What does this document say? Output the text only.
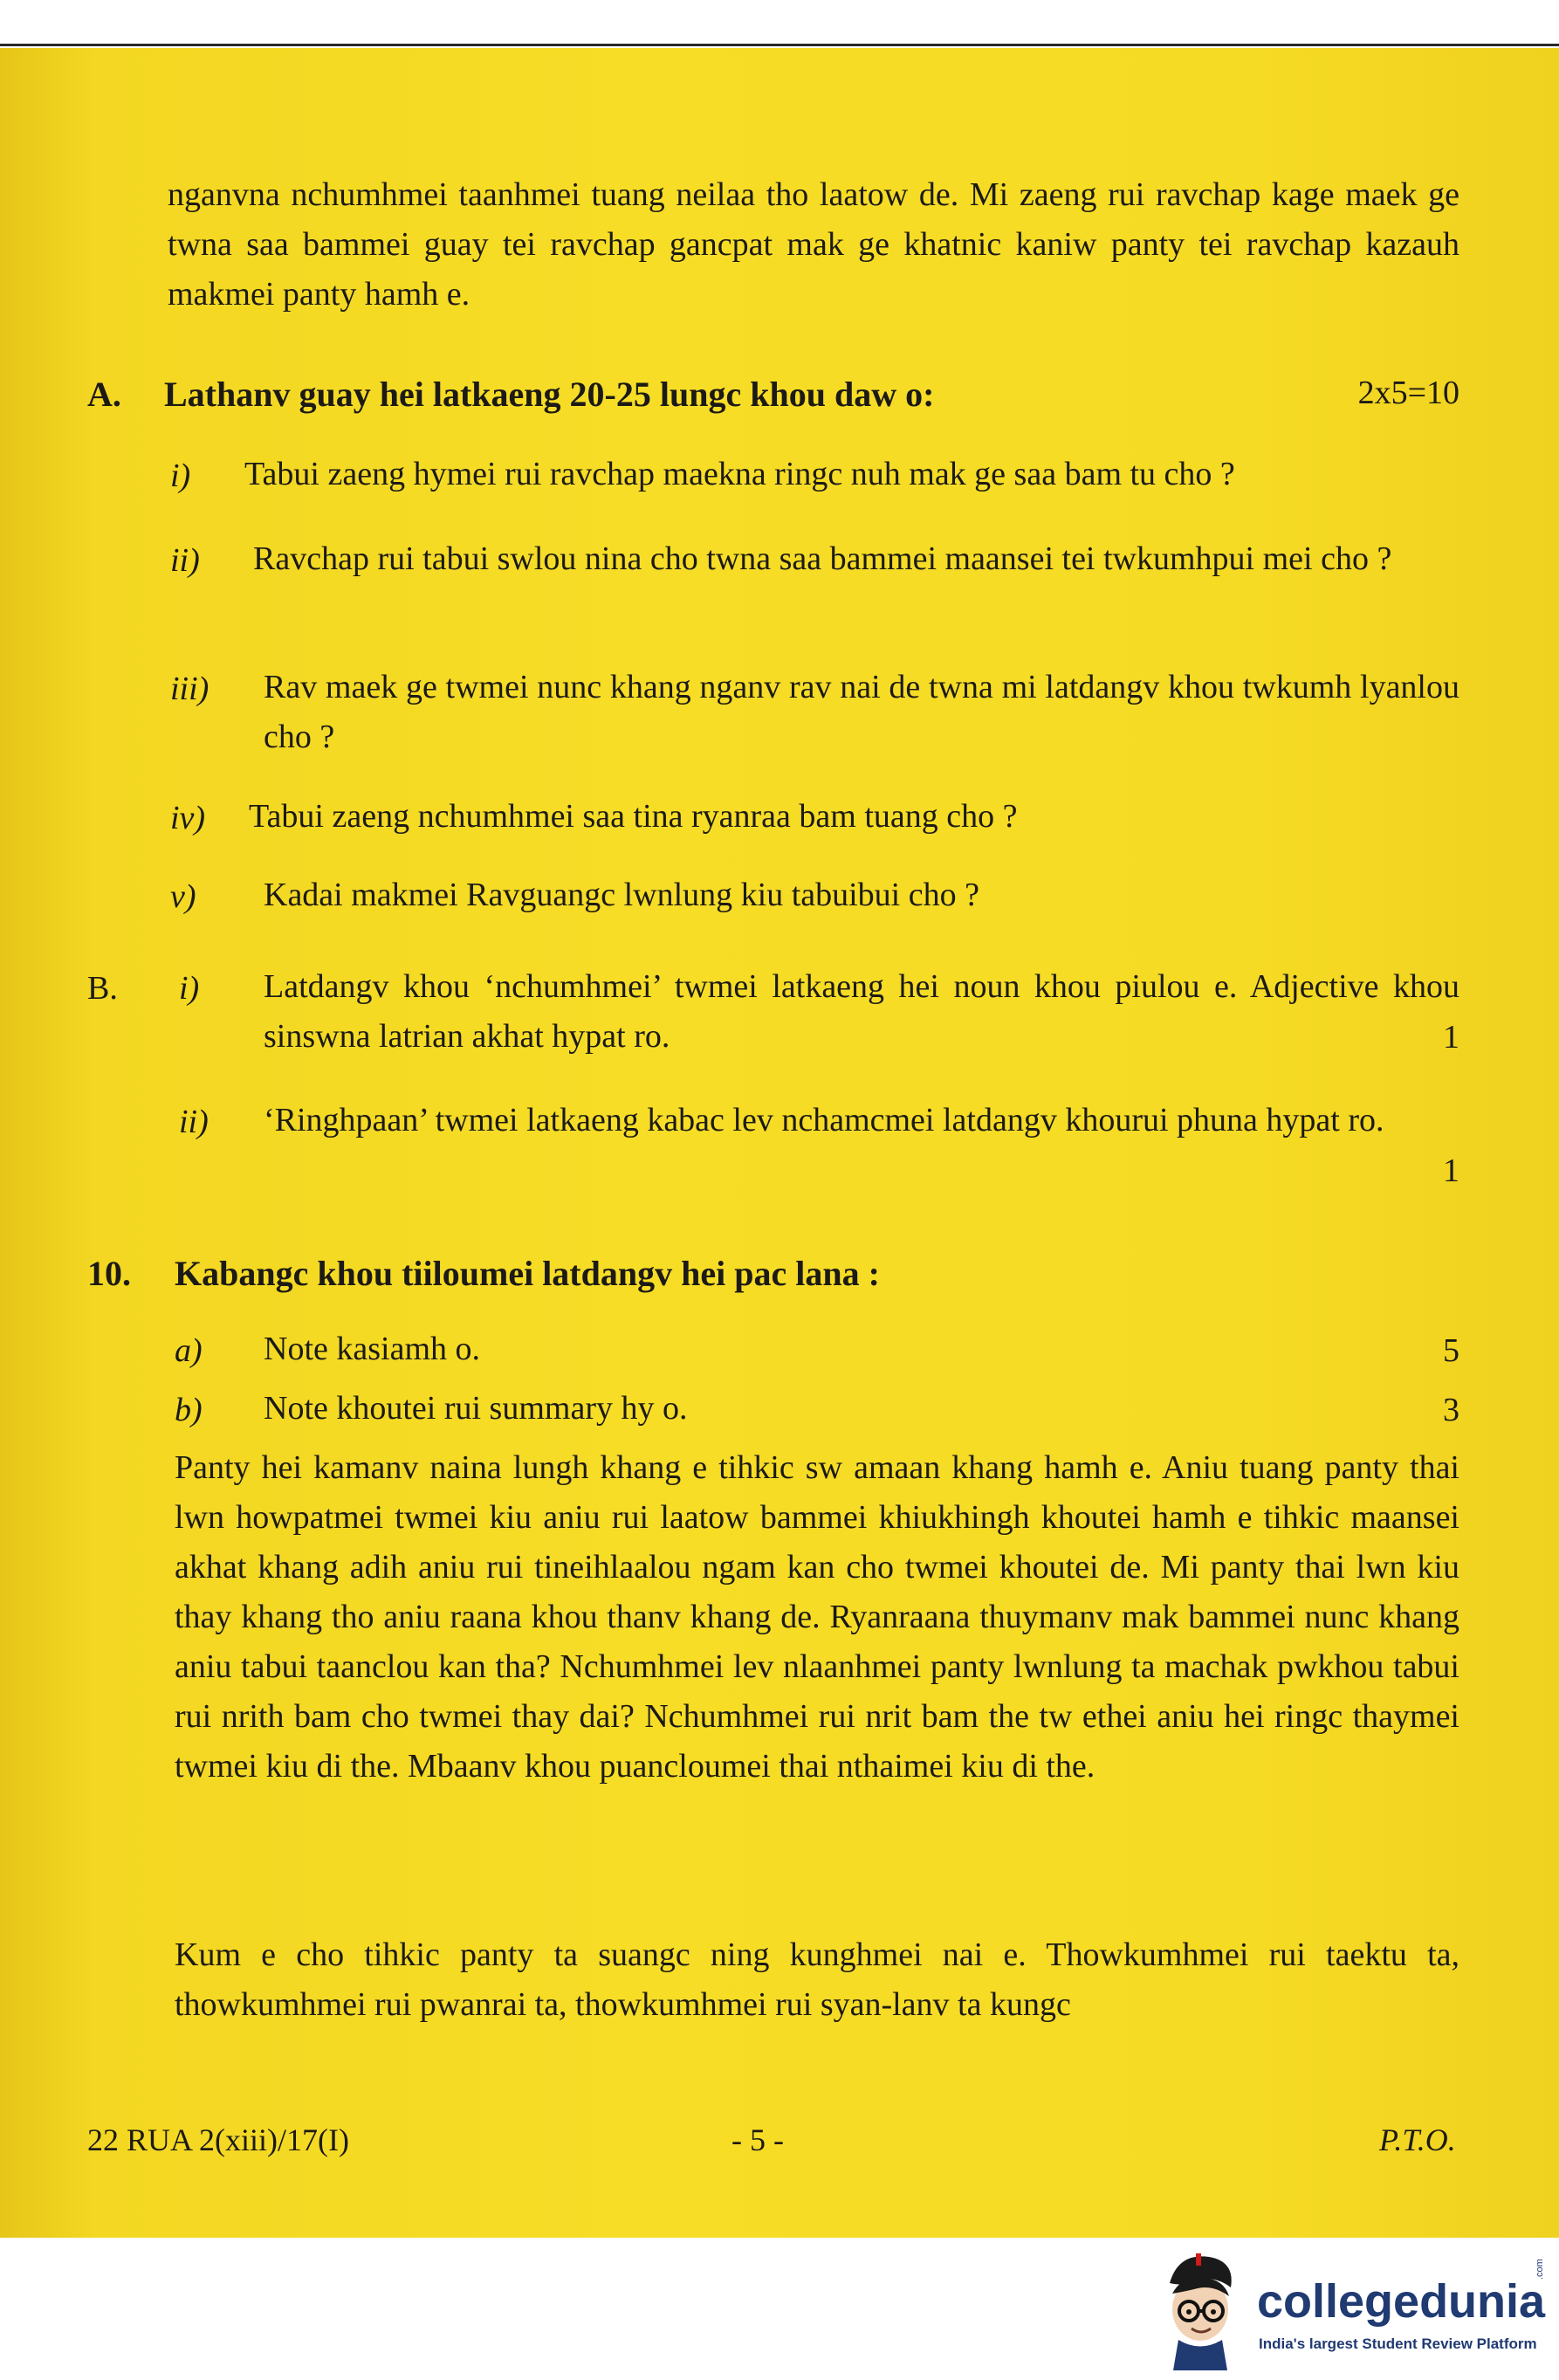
nganvna nchumhmei taanhmei tuang neilaa tho laatow de. Mi zaeng rui ravchap kage maek ge twna saa bammei guay tei ravchap gancpat mak ge khatnic kaniw panty tei ravchap kazauh makmei panty hamh e.
A. Lathanv guay hei latkaeng 20-25 lungc khou daw o:	2x5=10
i) Tabui zaeng hymei rui ravchap maekna ringc nuh mak ge saa bam tu cho ?
ii) Ravchap rui tabui swlou nina cho twna saa bammei maansei tei twkumhpui mei cho ?
iii) Rav maek ge twmei nunc khang nganv rav nai de twna mi latdangv khou twkumh lyanlou cho ?
iv) Tabui zaeng nchumhmei saa tina ryanraa bam tuang cho ?
v) Kadai makmei Ravguangc lwnlung kiu tabuibui cho ?
B. i) Latdangv khou ‘nchumhmei’ twmei latkaeng hei noun khou piulou e. Adjective khou sinswna latrian akhat hypat ro.	1
ii) ‘Ringhpaan’ twmei latkaeng kabac lev nchamcmei latdangv khourui phuna hypat ro.
1
10. Kabangc khou tiiloumei latdangv hei pac lana :
a) Note kasiamh o.	5
b) Note khoutei rui summary hy o.	3
Panty hei kamanv naina lungh khang e tihkic sw amaan khang hamh e. Aniu tuang panty thai lwn howpatmei twmei kiu aniu rui laatow bammei khiukhingh khoutei hamh e tihkic maansei akhat khang adih aniu rui tineihlaalou ngam kan cho twmei khoutei de. Mi panty thai lwn kiu thay khang tho aniu raana khou thanv khang de. Ryanraana thuymanv mak bammei nunc khang aniu tabui taanclou kan tha? Nchumhmei lev nlaanhmei panty lwnlung ta machak pwkhou tabui rui nrith bam cho twmei thay dai? Nchumhmei rui nrit bam the tw ethei aniu hei ringc thaymei twmei kiu di the. Mbaanv khou puancloumei thai nthaimei kiu di the.
Kum e cho tihkic panty ta suangc ning kunghmei nai e. Thowkumhmei rui taektu ta, thowkumhmei rui pwanrai ta, thowkumhmei rui syan-lanv ta kungc
22 RUA 2(xiii)/17(I)	- 5 -	P.T.O.
collegedunia
.com
India's largest Student Review Platform
